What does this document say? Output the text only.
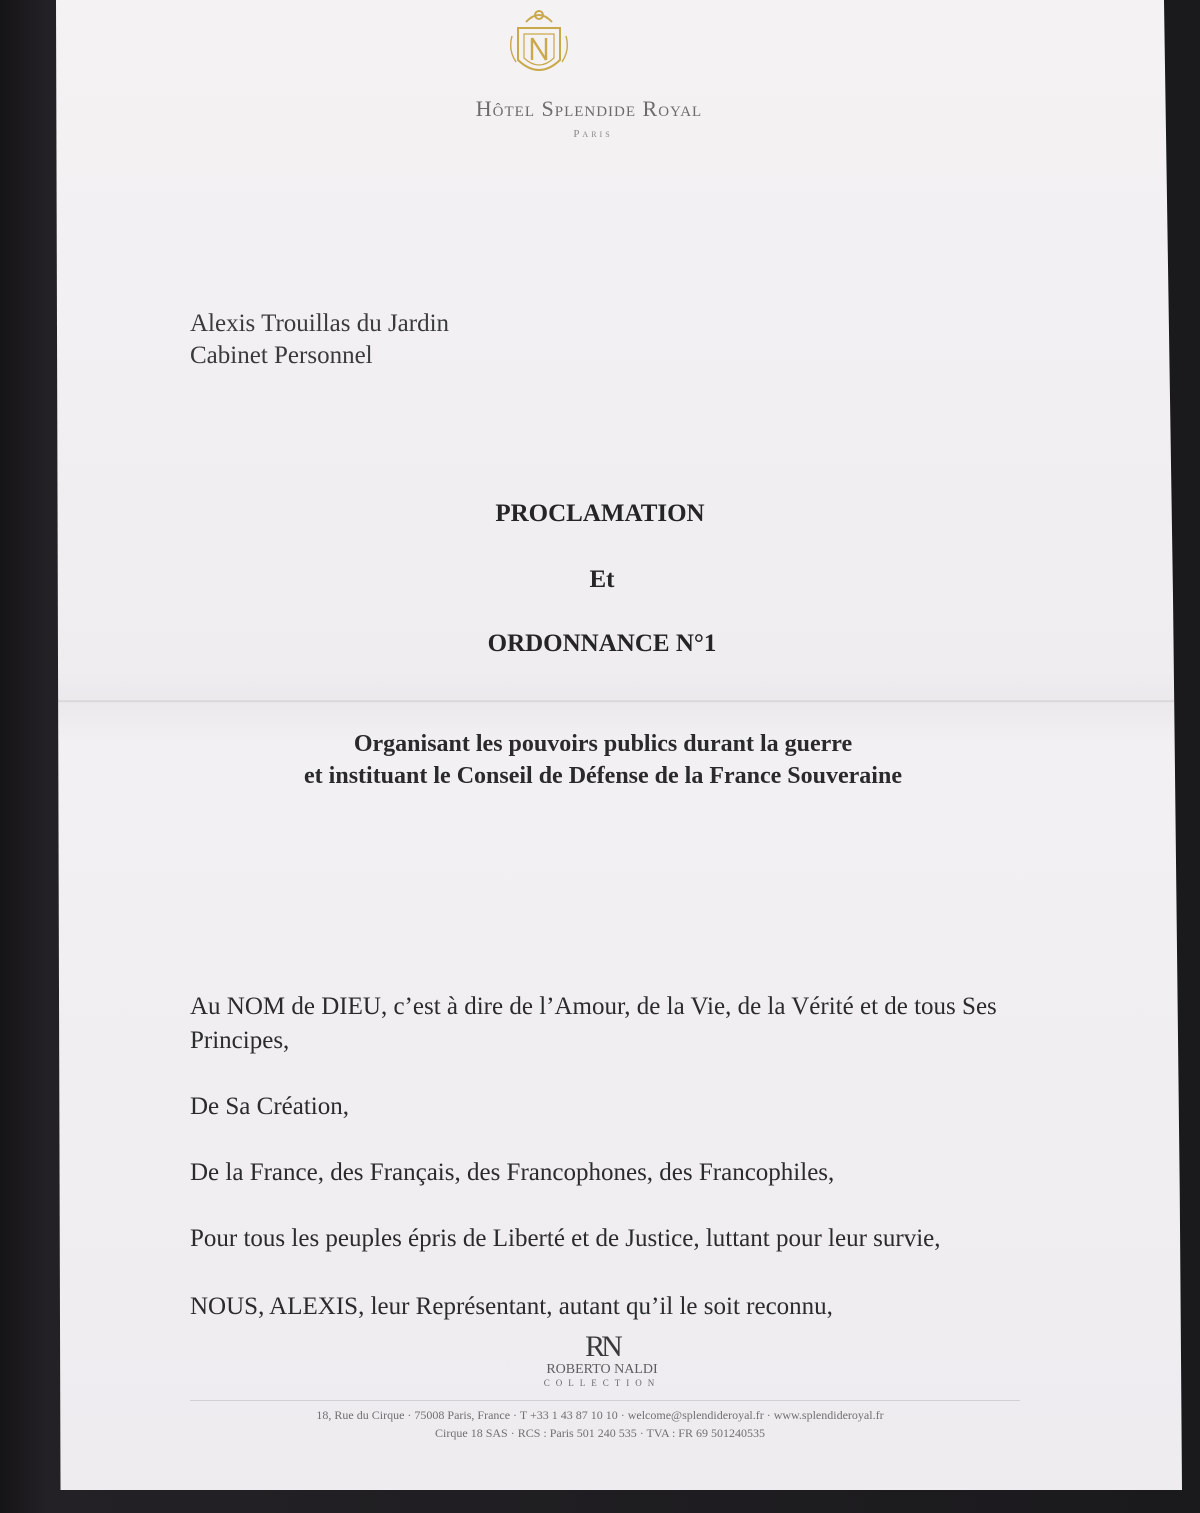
Hôtel Splendide Royal
Paris
Alexis Trouillas du Jardin
Cabinet Personnel
PROCLAMATION
Et
ORDONNANCE N°1
Organisant les pouvoirs publics durant la guerre
et instituant le Conseil de Défense de la France Souveraine
Au NOM de DIEU, c’est à dire de l’Amour, de la Vie, de la Vérité et de tous Ses Principes,
De Sa Création,
De la France, des Français, des Francophones, des Francophiles,
Pour tous les peuples épris de Liberté et de Justice, luttant pour leur survie,
NOUS, ALEXIS, leur Représentant, autant qu’il le soit reconnu,
RN
ROBERTO NALDI
COLLECTION
18, Rue du Cirque · 75008 Paris, France · T +33 1 43 87 10 10 · welcome@splendideroyal.fr · www.splendideroyal.fr
Cirque 18 SAS · RCS : Paris 501 240 535 · TVA : FR 69 501240535
